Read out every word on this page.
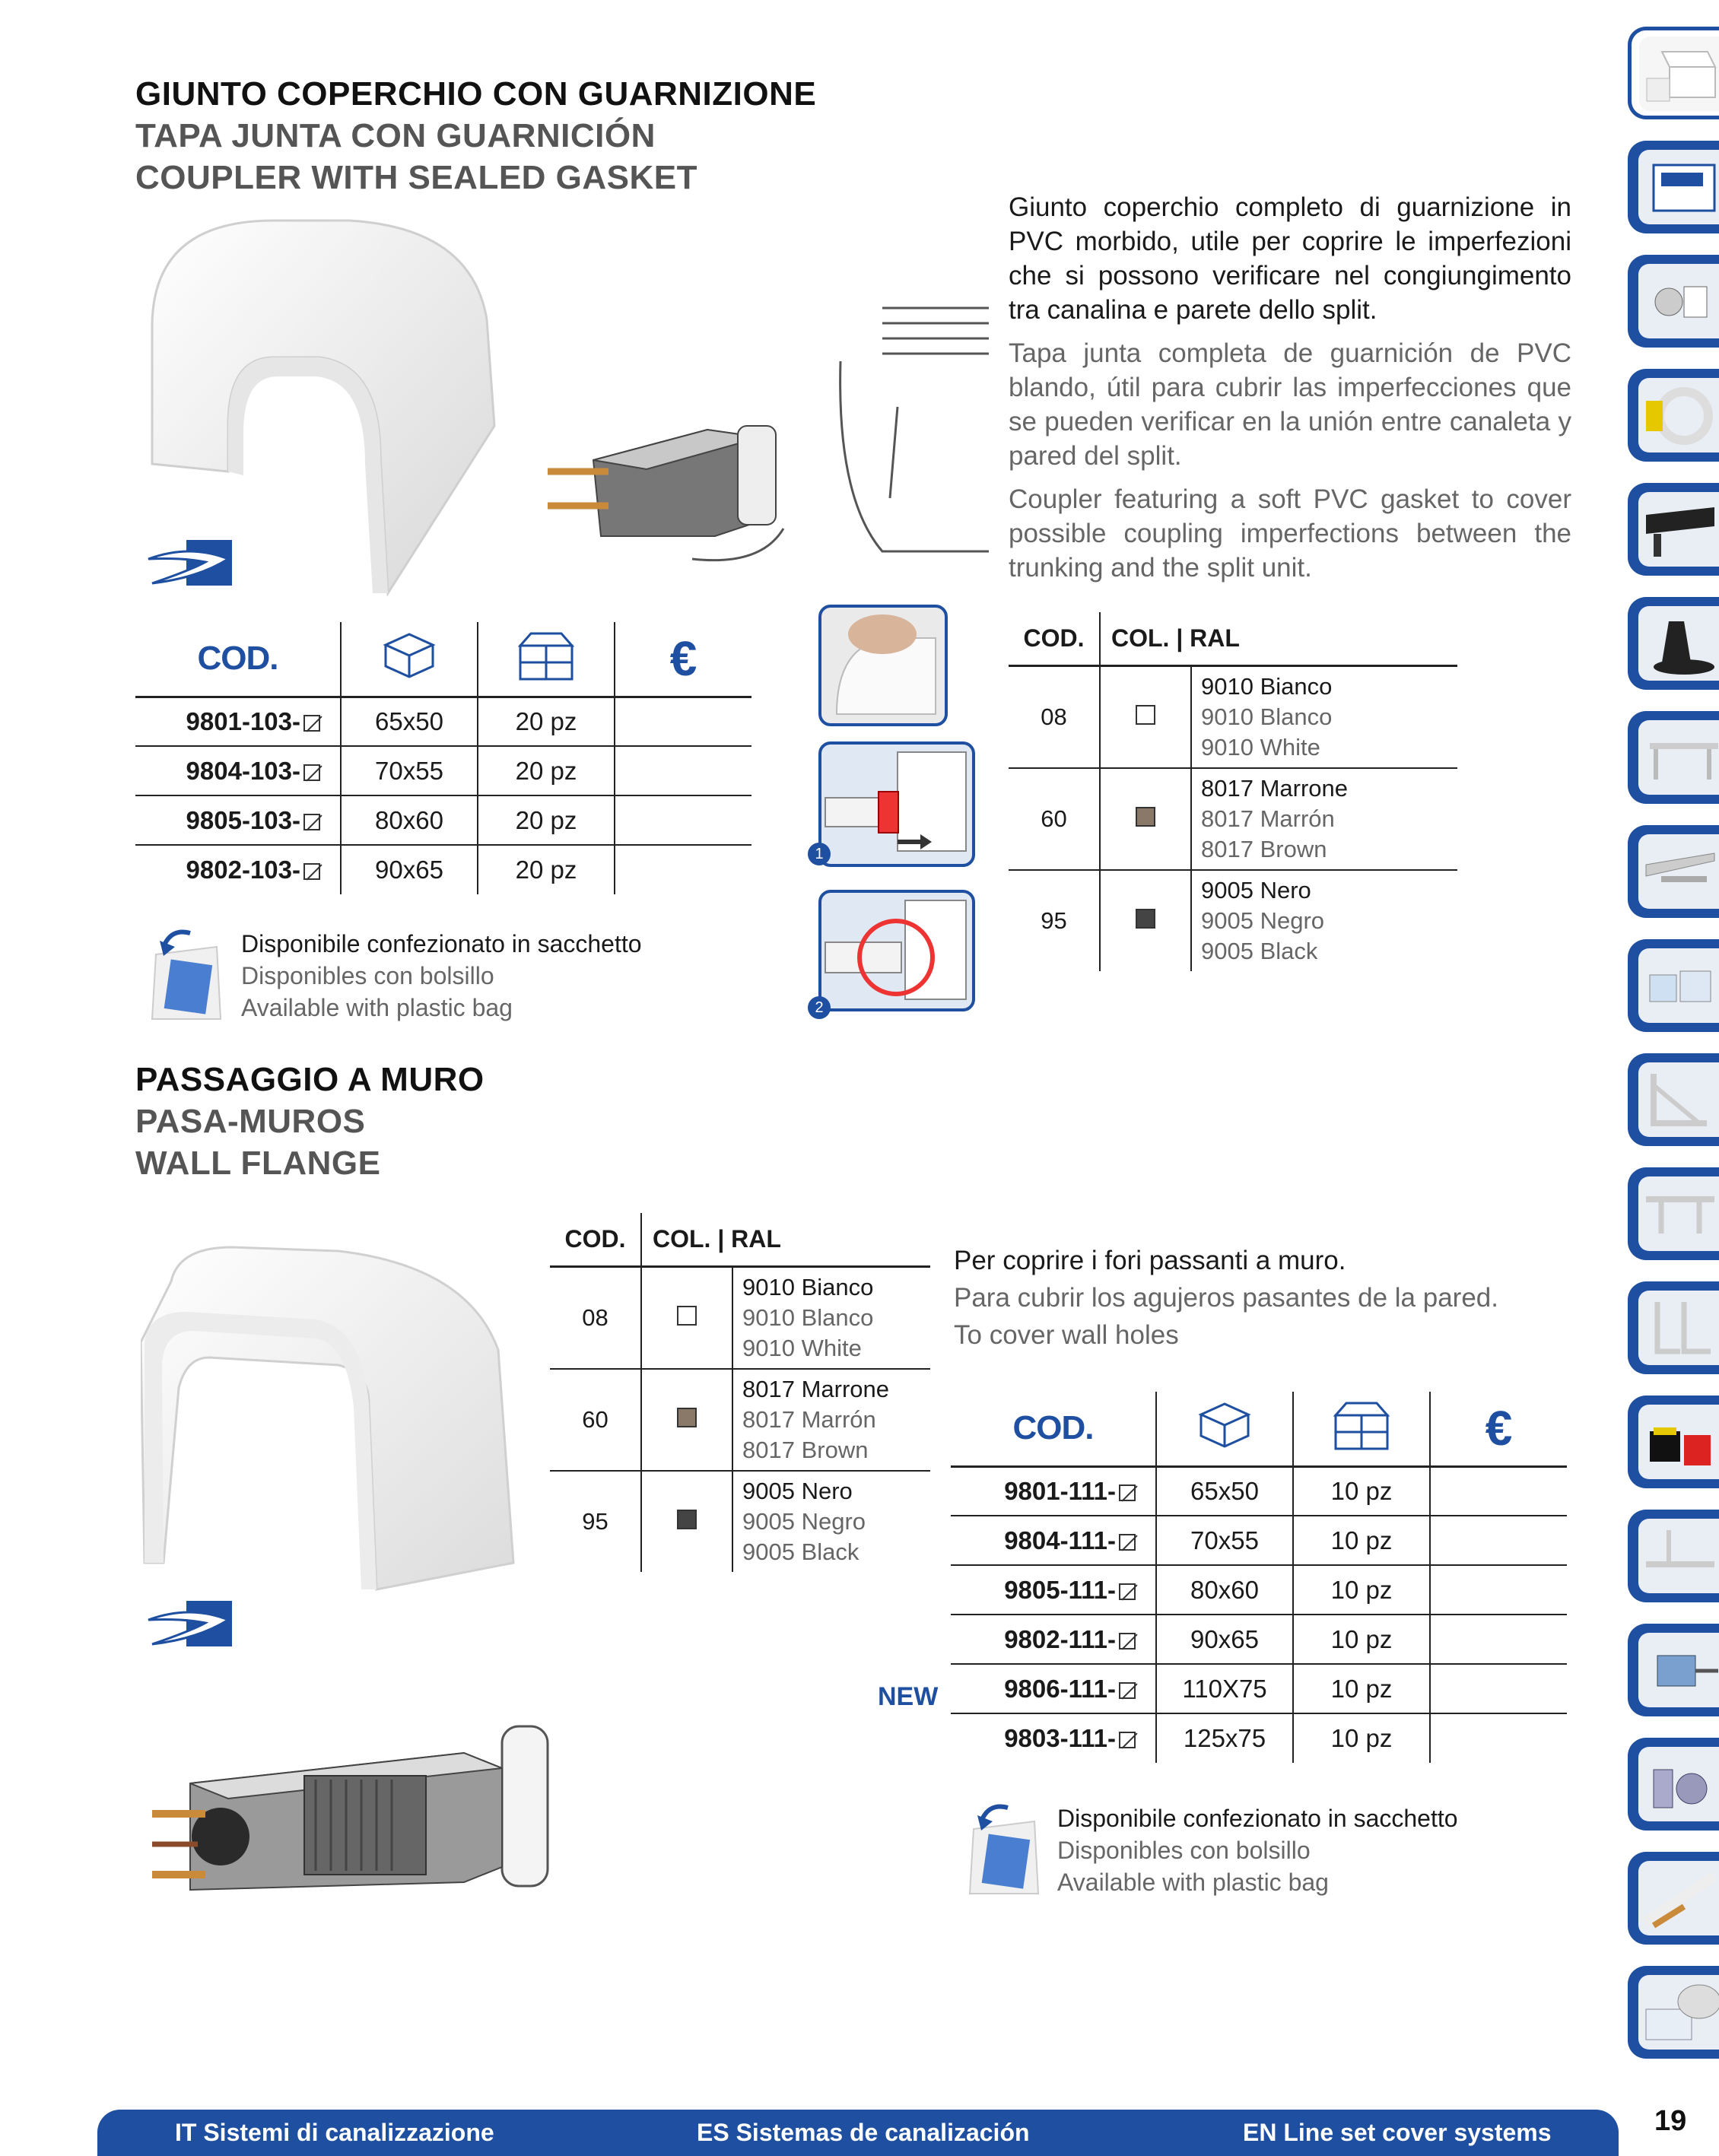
GIUNTO COPERCHIO CON GUARNIZIONE
TAPA JUNTA CON GUARNICIÓN
COUPLER WITH SEALED GASKET

Giunto coperchio completo di guarnizione in PVC morbido, utile per coprire le imperfezioni che si possono verificare nel congiungimento tra canalina e parete dello split.

Tapa junta completa de guarnición de PVC blando, útil para cubrir las imperfecciones que se pueden verificar en la unión entre canaleta y pared del split.

Coupler featuring a soft PVC gasket to cover possible coupling imperfections between the trunking and the split unit.

1
2
COD.			€
9801-103-	65x50	20 pz	
9804-103-	70x55	20 pz	
9805-103-	80x60	20 pz	
9802-103-	90x65	20 pz	
Disponibile confezionato in sacchetto
Disponibles con bolsillo
Available with plastic bag
COD.	COL. | RAL	
08		9010 Bianco
9010 Blanco
9010 White

60		8017 Marrone
8017 Marrón
8017 Brown

95		9005 Nero
9005 Negro
9005 Black
PASSAGGIO A MURO
PASA-MUROS
WALL FLANGE
COD.	COL. | RAL	
08		9010 Bianco
9010 Blanco
9010 White

60		8017 Marrone
8017 Marrón
8017 Brown

95		9005 Nero
9005 Negro
9005 Black
Per coprire i fori passanti a muro.
Para cubrir los agujeros pasantes de la pared.
To cover wall holes
NEW
COD.			€
9801-111-	65x50	10 pz	
9804-111-	70x55	10 pz	
9805-111-	80x60	10 pz	
9802-111-	90x65	10 pz	
9806-111-	110X75	10 pz	
9803-111-	125x75	10 pz	
Disponibile confezionato in sacchetto
Disponibles con bolsillo
Available with plastic bag
IT Sistemi di canalizzazione	ES Sistemas de canalización	EN Line set cover systems	19
